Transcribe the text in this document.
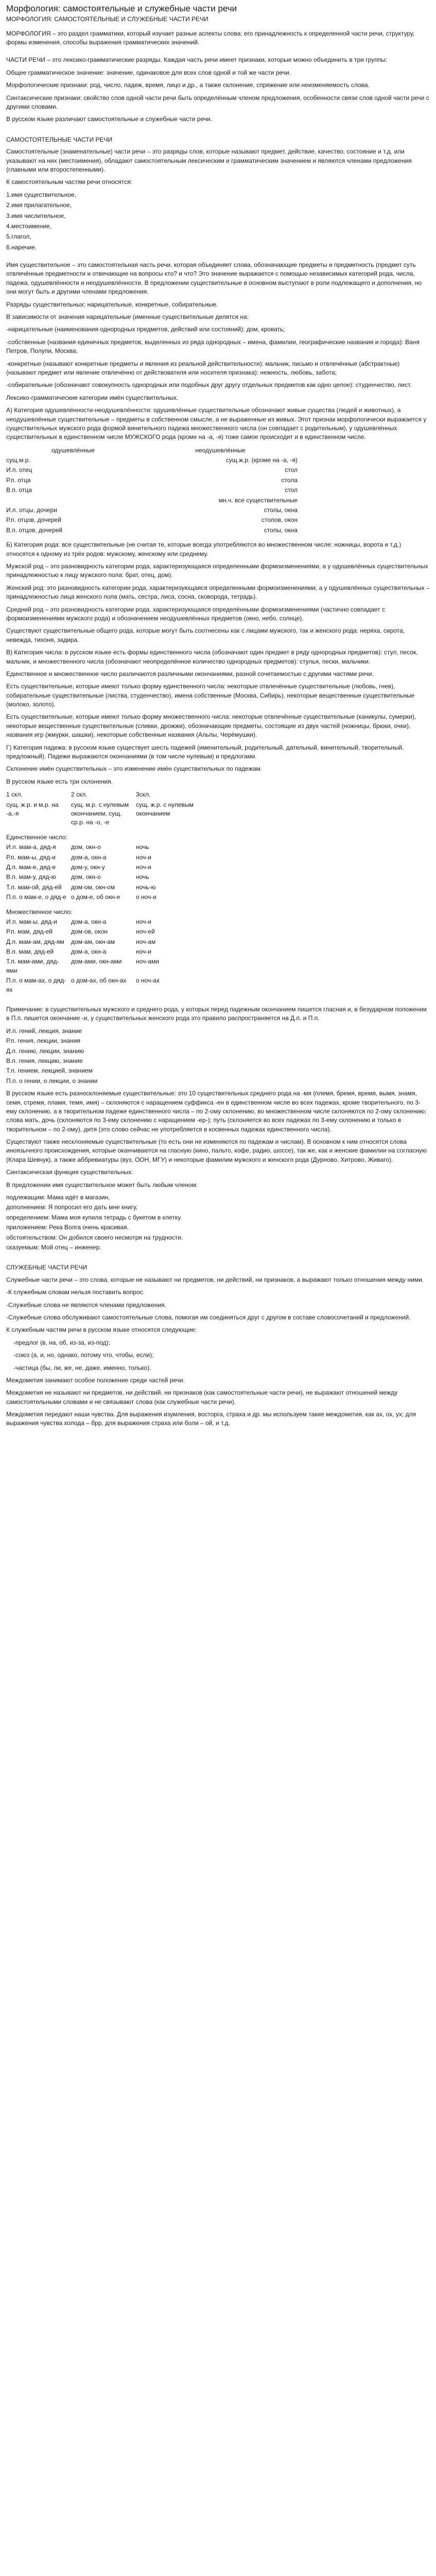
Морфология: самостоятельные и служебные части речи
МОРФОЛОГИЯ: САМОСТОЯТЕЛЬНЫЕ И СЛУЖЕБНЫЕ ЧАСТИ РЕЧИ

МОРФОЛОГИЯ – это раздел грамматики, который изучает разные аспекты слова: его принадлежность к определенной части речи, структуру, формы изменения, способы выражения грамматических значений.

ЧАСТИ РЕЧИ – это лексико-грамматические разряды. Каждая часть речи имеет признаки, которые можно объединить в три группы:

Общее грамматическое значение: значение, одинаковое для всех слов одной и той же части речи.

Морфологические признаки: род, число, падеж, время, лицо и др., а также склонение, спряжение или неизменяемость слова.

Синтаксические признаки: свойство слов одной части речи быть определённым членом предложения, особенности связи слов одной части речи с другими словами.

В русском языке различают самостоятельные и служебные части речи.

САМОСТОЯТЕЛЬНЫЕ ЧАСТИ РЕЧИ

Самостоятельные (знаменательные) части речи – это разряды слов, которые называют предмет, действие, качество, состояние и т.д. или указывают на них (местоимения), обладают самостоятельным лексическим и грамматическим значением и являются членами предложения (главными или второстепенными).

К самостоятельным частям речи относятся:

1.имя существительное,
2.имя прилагательное,
3.имя числительное,
4.местоимение,
5.глагол,
6.наречие.

Имя существительное – это самостоятельная часть речи, которая объединяет слова, обозначающие предметы и предметность (предмет суть отвлечённые предметности и отвечающие на вопросы кто? и что? Это значение выражается с помощью независимых категорий рода, числа, падежа, одушевлённости и неодушевлённости. В предложении существительные в основном выступают в роли подлежащего и дополнения, но они могут быть и другими членами предложения.

Разряды существительных: нарицательные, конкретные, собирательные.

В зависимости от значения нарицательные (именные существительные делятся на:

-нарицательные (наименования однородных предметов, действий или состояний): дом, кровать;

-собственные (названия единичных предметов, выделенных из ряда однородных – имена, фамилии, географические названия и города): Ваня Петров, Полупи, Москва.

-конкретные (называют конкретные предметы и явления из реальной действительности): мальчик, письмо и отвлечённые (абстрактные) (называют предмет или явление отвлечённо от действователя или носителя признака): нежность, любовь, забота;

-собирательные (обозначают совокупность однородных или подобных друг другу отдельных предметов как одно целое): студенчество, лист.

Лексико-грамматические категории имён существительных.

А) Категория одушевлённости-неодушевлённости: одушевлённые существительные обозначают живые существа (людей и животных), а неодушевлённые существительные – предметы в собственном смысле, а не выраженные из живых. Этот признак морфологически выражается у существительных мужского рода формой винительного падежа множественного числа (он совпадает с родительным), у одушевлённых существительных в единственном числе МУЖСКОГО рода (кроме на -а, -я) тоже самое происходит и в единственном числе.

одушевлённые	неодушевлённые
сущ.м.р.	сущ.ж.р. (кроме на -а, -я)
И.п. отец	стол
Р.п. отца	стола
В.п. отца	стол
	мн.ч. все существительные
И.п. отцы, дочери	столы, окна
Р.п. отцов, дочерей	столов, окон
В.п. отцов, дочерей	столы, окна

Б) Категория рода: все существительные (не считая те, которые всегда употребляются во множественном числе: ножницы, ворота и т.д.) относятся к одному из трёх родов: мужскому, женскому или среднему.

Мужской род – это разновидность категории рода, характеризующаяся определенными формоизменениями, а у одушевлённых существительных принадлежностью к лицу мужского пола: брат, отец, дом).

Женский род: это разновидность категории рода, характеризующаяся определенными формоизменениями, а у одушевлённых существительных – принадлежностью лица женского пола (мать, сестра, лиса, сосна, сковорода, тетрадь).

Средний род – это разновидность категории рода, характеризующаяся определёнными формоизменениями (частично совпадает с формоизменениями мужского рода) и обозначением неодушевлённых предметов (окно, небо, солнце).

Существуют существительные общего рода, которые могут быть соотнесены как с лицами мужского, так и женского рода: неряха, сирота, невежда, тихоня, задира.

В) Категория числа: в русском языке есть формы единственного числа (обозначают один предмет в ряду однородных предметов): стул, песок, мальчик, и множественного числа (обозначают неопределённое количество однородных предметов): стулья, пески, мальчики.

Единственное и множественное число различаются различными окончаниями, разной сочетаемостью с другими частями речи.

Есть существительные, которые имеют только форму единственного числа: некоторые отвлечённые существительные (любовь, гнев), собирательные существительные (листва, студенчество), имена собственные (Москва, Сибирь), некоторые вещественные существительные (молоко, золото).

Есть существительные, которые имеют только форму множественного числа: некоторые отвлечённые существительные (каникулы, сумерки), некоторые вещественные существительные (сливки, дрожжи), обозначающие предметы, состоящие из двух частей (ножницы, брюки, очки), названия игр (жмурки, шашки), некоторые собственные названия (Альпы, Черёмушки).

Г) Категория падежа: в русском языке существует шесть падежей (именительный, родительный, дательный, винительный, творительный, предложный). Падежи выражаются окончаниями (в том числе нулевым) и предлогами.

Склонение имён существительных – это изменение имён существительных по падежам.

В русском языке есть три склонения.

1 скл.	2 скл.	3скл.
сущ. ж.р. и м.р. на -а,-я	сущ. м.р. с нулевым окончанием, сущ. ср.р. на -о, -е	сущ. ж.р. с нулевым окончанием
Единственное число:		
И.п. мам-а, дяд-я	дом, окн-о	ночь
Р.п. мам-ы, дяд-и	дом-а, окн-а	ноч-и
Д.п. мам-е, дяд-е	дом-у, окн-у	ноч-и
В.п. мам-у, дяд-ю	дом, окн-о	ночь
Т.п. мам-ой, дяд-ей	дом-ом, окн-ом	ночь-ю
П.п. о мам-е, о дяд-е	о дом-е, об окн-е	о ноч-и
Множественное число:		
И.п. мам-ы, дяд-и	дом-а, окн-а	ноч-и
Р.п. мам, дяд-ей	дом-ов, окон	ноч-ей
Д.п. мам-ам, дяд-ям	дом-ам, окн-ам	ноч-ам
В.п. мам, дяд-ей	дом-а, окн-а	ноч-и
Т.п. мам-ами, дяд-ями	дом-ами, окн-ами	ноч-ами
П.п. о мам-ах, о дяд-ях	о дом-ах, об окн-ах	о ноч-ах

Примечание: в существительных мужского и среднего рода, у которых перед падежным окончанием пишется гласная и, в безударном положении в П.п. пишется окончание -и, у существительных женского рода это правило распространяется на Д.п. и П.п.

И.п. гений, лекция, знание

Р.п. гения, лекции, знания

Д.п. гению, лекции, знанию

В.п. гения, лекцию, знание

Т.п. гением, лекцией, знанием

П.п. о гении, о лекции, о знании

В русском языке есть разносклоняемые существительные: это 10 существительных среднего рода на -мя (племя, бремя, время, вымя, знамя, семя, стремя, пламя, темя, имя) – склоняются с наращением суффикса -ен в единственном числе во всех падежах, кроме творительного, по 3-ему склонению, а в творительном падеже единственного числа – по 2-ому склонению, во множественном числе склоняются по 2-ому склонению; слова мать, дочь (склоняются по 3-ему склонению с наращением -ер-); путь (склоняется во всех падежах по 3-ему склонению и только в творительном – по 2-ому), дитя (это слово сейчас не употребляется в косвенных падежах единственного числа).

Существуют также несклоняемые существительные (то есть они не изменяются по падежам и числам). В основном к ним относятся слова иноязычного происхождения, которые оканчиваются на гласную (кино, пальто, кофе, радио, шоссе), так же, как и женские фамилии на согласную (Клара Шевчук), а также аббревиатуры (вуз, ООН, МГУ) и некоторые фамилии мужского и женского рода (Дурново, Хитрово, Живаго).

Синтаксическая функция существительных:

В предложении имя существительное может быть любым членом:

подлежащим: Мама идёт в магазин,

дополнением: Я попросил его дать мне книгу,

определением: Мама моя купила тетрадь с букетом в клетку.

приложением: Река Волга очень красивая.

обстоятельством: Он добился своего несмотря на трудности.

сказуемым: Мой отец – инженер.

СЛУЖЕБНЫЕ ЧАСТИ РЕЧИ

Служебные части речи – это слова, которые не называют ни предметов, ни действий, ни признаков, а выражают только отношения между ними.

-К служебным словам нельзя поставить вопрос.

-Служебные слова не являются членами предложения.

-Служебные слова обслуживают самостоятельные слова, помогая им соединяться друг с другом в составе словосочетаний и предложений.

К служебным частям речи в русском языке относятся следующие:

-предлог (в, на, об, из-за, из-под);

-союз (а, и, но, однако, потому что, чтобы, если);

-частица (бы, ли, же, не, даже, именно, только).

Междометия занимают особое положение среди частей речи.

Междометия не называют ни предметов, ни действий, ни признаков (как самостоятельные части речи), не выражают отношений между самостоятельными словами и не связывают слова (как служебные части речи).

Междометия передают наши чувства. Для выражения изумления, восторга, страха и др. мы используем такие междометия, как ах, ох, ух; для выражения чувства холода – брр, для выражения страха или боли – ой, и т.д.
